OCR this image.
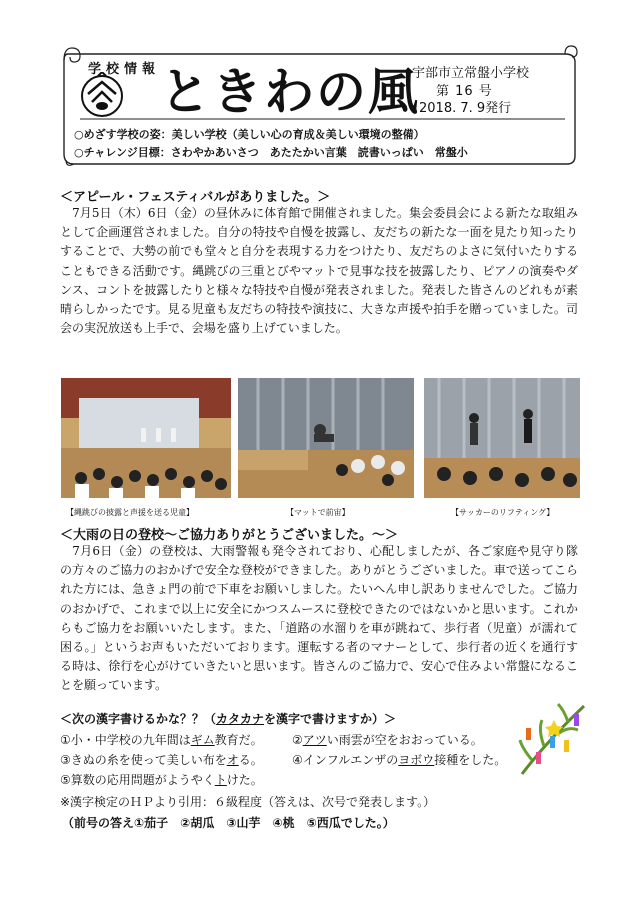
学校情報 ときわの風
宇部市立常盤小学校
第 16 号
2018. 7. 9発行
○めざす学校の姿：美しい学校（美しい心の育成＆美しい環境の整備）
○チャレンジ目標：さわやかあいさつ　あたたかい言葉　読書いっぱい　常盤小
＜アピール・フェスティバルがありました。＞
　7月5日（木）6日（金）の昼休みに体育館で開催されました。集会委員会による新たな取組みとして企画運営されました。自分の特技や自慢を披露し、友だちの新たな一面を見たり知ったりすることで、大勢の前でも堂々と自分を表現する力をつけたり、友だちのよさに気付いたりすることもできる活動です。縄跳びの三重とびやマットで見事な技を披露したり、ピアノの演奏やダンス、コントを披露したりと様々な特技や自慢が発表されました。発表した皆さんのどれもが素晴らしかったです。見る児童も友だちの特技や演技に、大きな声援や拍手を贈っていました。司会の実況放送も上手で、会場を盛り上げていました。
【縄跳びの披露と声援を送る児童】	【マットで前宙】	【サッカーのリフティング】
＜大雨の日の登校～ご協力ありがとうございました。～＞
　7月6日（金）の登校は、大雨警報も発令されており、心配しましたが、各ご家庭や見守り隊の方々のご協力のおかげで安全な登校ができました。ありがとうございました。車で送ってこられた方には、急きょ門の前で下車をお願いしました。たいへん申し訳ありませんでした。ご協力のおかげで、これまで以上に安全にかつスムースに登校できたのではないかと思います。これからもご協力をお願いいたします。また、「道路の水溜りを車が跳ねて、歩行者（児童）が濡れて困る。」というお声もいただいております。運転する者のマナーとして、歩行者の近くを通行する時は、徐行を心がけていきたいと思います。皆さんのご協力で、安心で住みよい常盤になることを願っています。
＜次の漢字書けるかな？？（カタカナを漢字で書けますか）＞
①小・中学校の九年間はギム教育だ。 ②アツい雨雲が空をおおっている。
③きぬの糸を使って美しい布をオる。 ④インフルエンザのヨボウ接種をした。
⑤算数の応用問題がようやくトけた。
※漢字検定のＨＰより引用：６級程度（答えは、次号で発表します。）
（前号の答え①茄子　②胡瓜　③山芋　④桃　⑤西瓜でした。）
